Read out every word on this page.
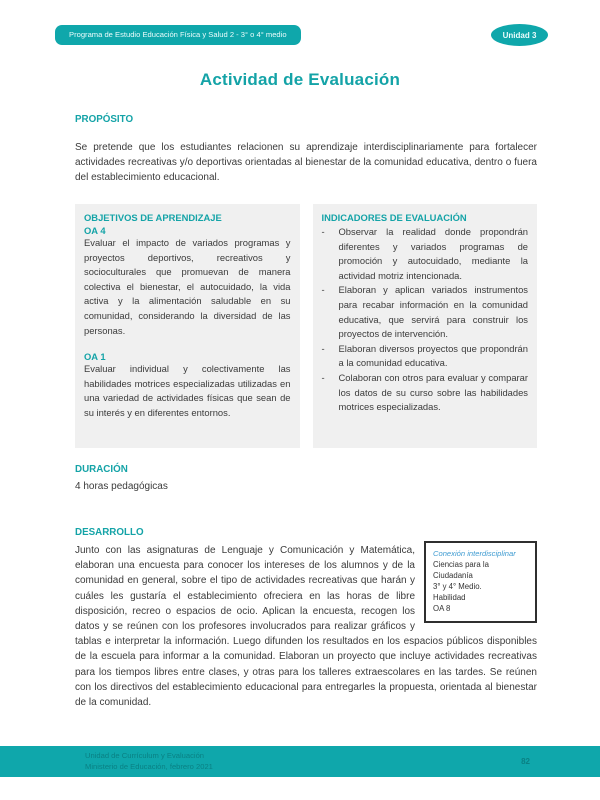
Programa de Estudio Educación Física y Salud 2 - 3° o 4° medio	Unidad 3
Actividad de Evaluación
PROPÓSITO
Se pretende que los estudiantes relacionen su aprendizaje interdisciplinariamente para fortalecer actividades recreativas y/o deportivas orientadas al bienestar de la comunidad educativa, dentro o fuera del establecimiento educacional.
OBJETIVOS DE APRENDIZAJE
OA 4
Evaluar el impacto de variados programas y proyectos deportivos, recreativos y socioculturales que promuevan de manera colectiva el bienestar, el autocuidado, la vida activa y la alimentación saludable en su comunidad, considerando la diversidad de las personas.
OA 1
Evaluar individual y colectivamente las habilidades motrices especializadas utilizadas en una variedad de actividades físicas que sean de su interés y en diferentes entornos.
INDICADORES DE EVALUACIÓN
-	Observar la realidad donde propondrán diferentes y variados programas de promoción y autocuidado, mediante la actividad motriz intencionada.
-	Elaboran y aplican variados instrumentos para recabar información en la comunidad educativa, que servirá para construir los proyectos de intervención.
-	Elaboran diversos proyectos que propondrán a la comunidad educativa.
-	Colaboran con otros para evaluar y comparar los datos de su curso sobre las habilidades motrices especializadas.
DURACIÓN
4 horas pedagógicas
DESARROLLO
Conexión interdisciplinar
Ciencias para la Ciudadanía
3° y 4° Medio.
Habilidad
OA 8
Junto con las asignaturas de Lenguaje y Comunicación y Matemática, elaboran una encuesta para conocer los intereses de los alumnos y de la comunidad en general, sobre el tipo de actividades recreativas que harán y cuáles les gustaría el establecimiento ofreciera en las horas de libre disposición, recreo o espacios de ocio. Aplican la encuesta, recogen los datos y se reúnen con los profesores involucrados para realizar gráficos y tablas e interpretar la información. Luego difunden los resultados en los espacios públicos disponibles de la escuela para informar a la comunidad. Elaboran un proyecto que incluye actividades recreativas para los tiempos libres entre clases, y otras para los talleres extraescolares en las tardes. Se reúnen con los directivos del establecimiento educacional para entregarles la propuesta, orientada al bienestar de la comunidad.
Unidad de Currículum y Evaluación
Ministerio de Educación, febrero 2021	82
